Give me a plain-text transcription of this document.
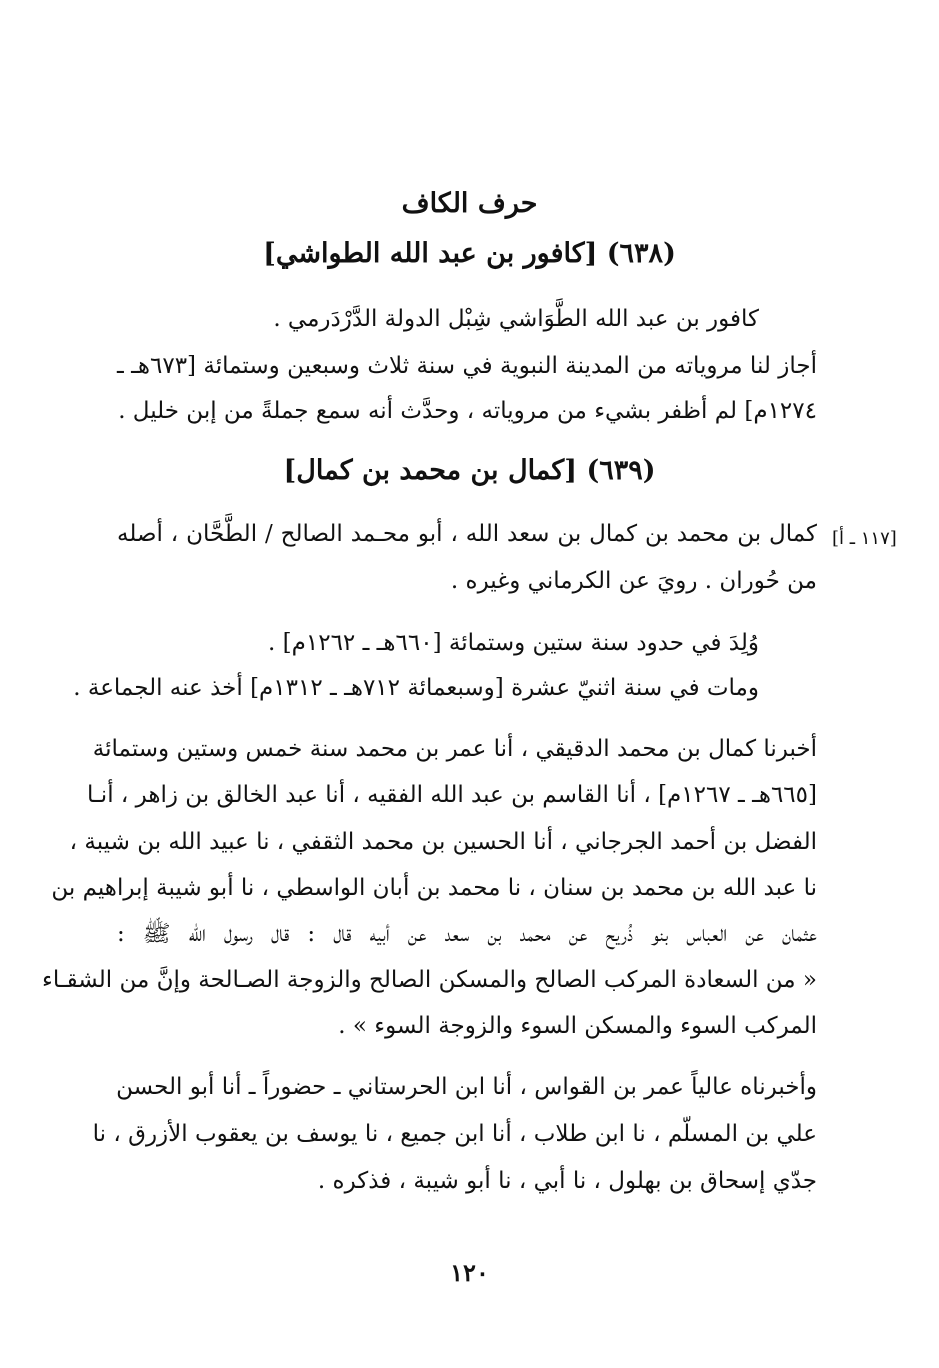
حرف الكاف
(٦٣٨) [كافور بن عبد الله الطواشي]
كافور بن عبد الله الطَّوَاشي شِبْل الدولة الدَّرْدَرمي .
أجاز لنا مروياته من المدينة النبوية في سنة ثلاث وسبعين وستمائة [٦٧٣هـ ـ
١٢٧٤م] لم أظفر بشيء من مروياته ، وحدَّث أنه سمع جملةً من إبن خليل .
(٦٣٩) [كمال بن محمد بن كمال]
[١١٧ ـ أ]
كمال بن محمد بن كمال بن سعد الله ، أبو محـمد الصالح / الطَّحَّان ، أصله
من حُوران . رويَ عن الكرماني وغيره .
وُلِدَ في حدود سنة ستين وستمائة [٦٦٠هـ ـ ١٢٦٢م] .
ومات في سنة اثنيّ عشرة [وسبعمائة ٧١٢هـ ـ ١٣١٢م] أخذ عنه الجماعة .
أخبرنا كمال بن محمد الدقيقي ، أنا عمر بن محمد سنة خمس وستين وستمائة
[٦٦٥هـ ـ ١٢٦٧م] ، أنا القاسم بن عبد الله الفقيه ، أنا عبد الخالق بن زاهر ، أنـا
الفضل بن أحمد الجرجاني ، أنا الحسين بن محمد الثقفي ، نا عبيد الله بن شيبة ،
نا عبد الله بن محمد بن سنان ، نا محمد بن أبان الواسطي ، نا أبو شيبة إبراهيم بن
عثمان عن العباس بنو ذُريح عن محمد بن سعد عن أبيه قال : قال رسول الله ﷺ :
« من السعادة المركب الصالح والمسكن الصالح والزوجة الصـالحة وإنَّ من الشقـاء
المركب السوء والمسكن السوء والزوجة السوء » .
وأخبرناه عالياً عمر بن القواس ، أنا ابن الحرستاني ـ حضوراً ـ أنا أبو الحسن
علي بن المسلّم ، نا ابن طلاب ، أنا ابن جميع ، نا يوسف بن يعقوب الأزرق ، نا
جدّي إسحاق بن بهلول ، نا أبي ، نا أبو شيبة ، فذكره .
١٢٠
